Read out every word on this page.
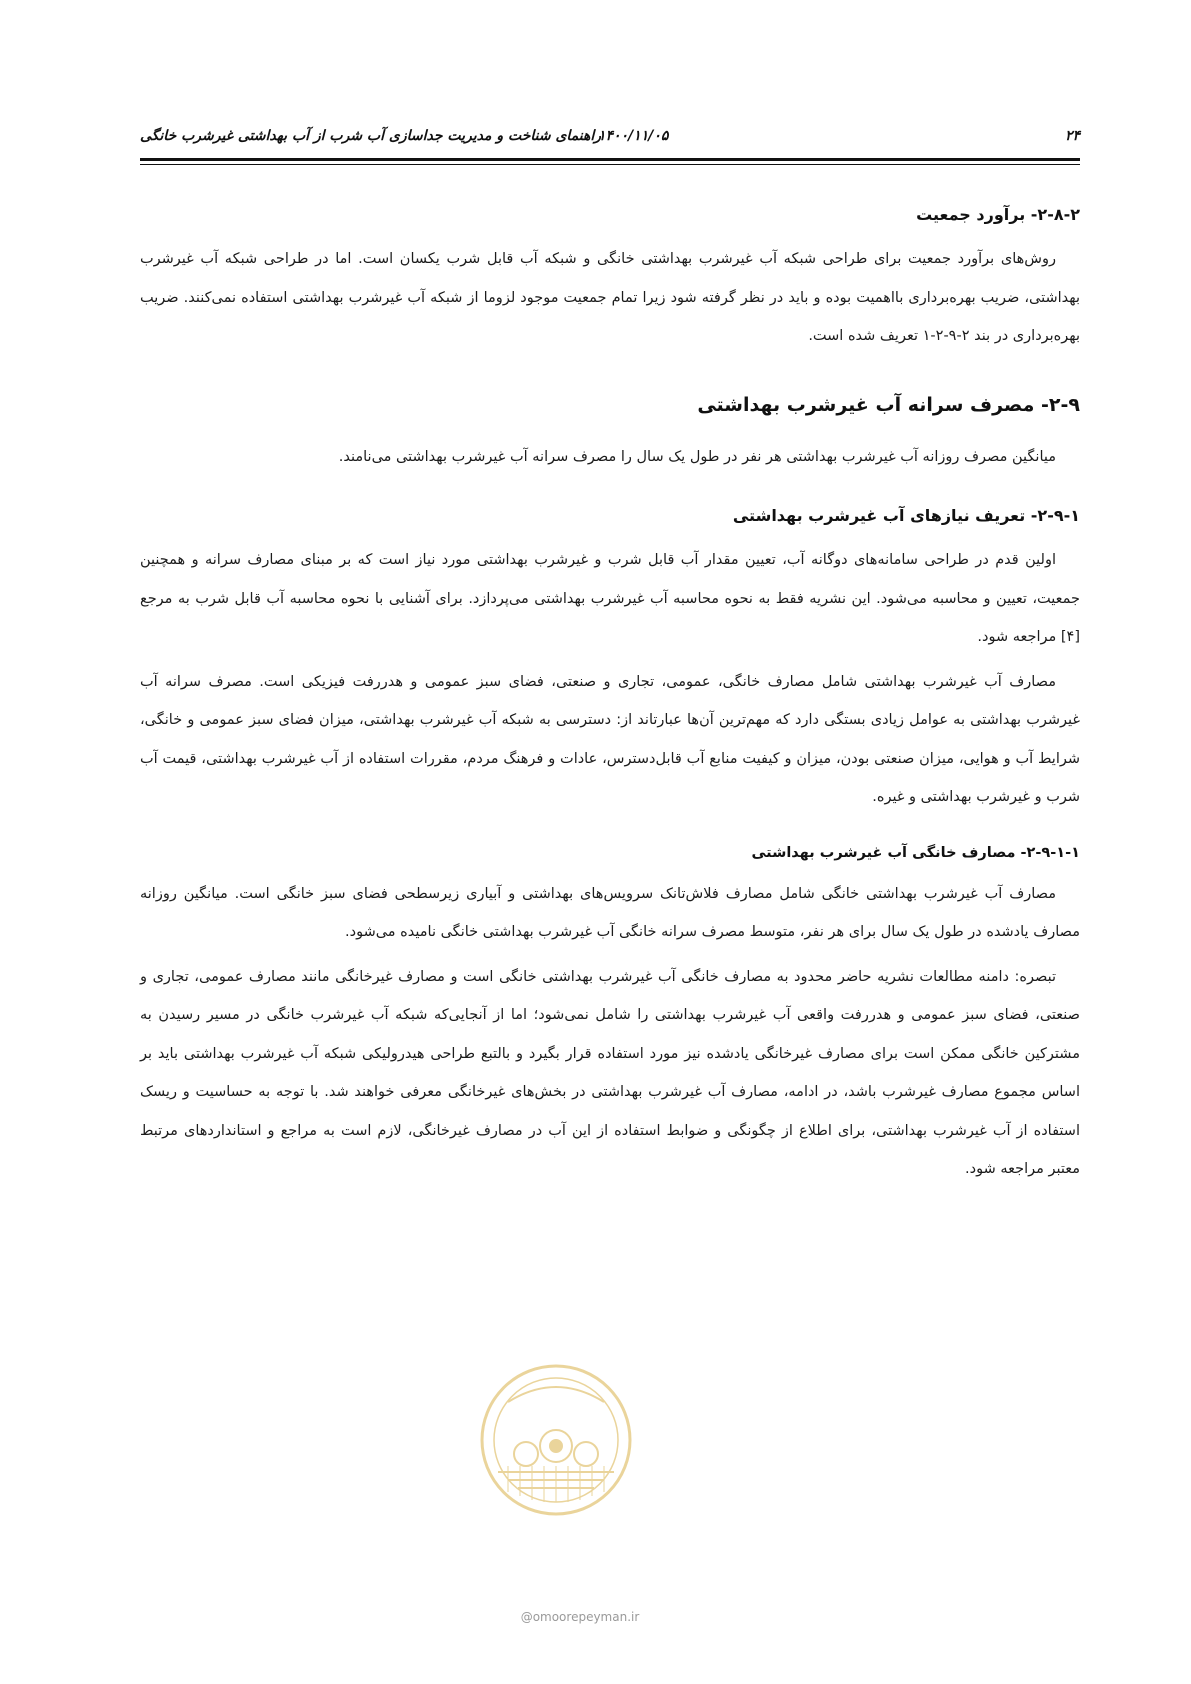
۲۴
۱۴۰۰/۱۱/۰۵
راهنمای شناخت و مدیریت جداسازی آب شرب از آب بهداشتی غیرشرب خانگی
۲-۸-۲- برآورد جمعیت

روش‌های برآورد جمعیت برای طراحی شبکه آب غیرشرب بهداشتی خانگی و شبکه آب قابل شرب یکسان است. اما در طراحی شبکه آب غیرشرب بهداشتی، ضریب بهره‌برداری بااهمیت بوده و باید در نظر گرفته شود زیرا تمام جمعیت موجود لزوما از شبکه آب غیرشرب بهداشتی استفاده نمی‌کنند. ضریب بهره‌برداری در بند ۲-۹-۲-۱ تعریف شده است.

۲-۹- مصرف سرانه آب غیرشرب بهداشتی

میانگین مصرف روزانه آب غیرشرب بهداشتی هر نفر در طول یک سال را مصرف سرانه آب غیرشرب بهداشتی می‌نامند.

۲-۹-۱- تعریف نیازهای آب غیرشرب بهداشتی

اولین قدم در طراحی سامانه‌های دوگانه آب، تعیین مقدار آب قابل شرب و غیرشرب بهداشتی مورد نیاز است که بر مبنای مصارف سرانه و همچنین جمعیت، تعیین و محاسبه می‌شود. این نشریه فقط به نحوه محاسبه آب غیرشرب بهداشتی می‌پردازد. برای آشنایی با نحوه محاسبه آب قابل شرب به مرجع [۴] مراجعه شود.

مصارف آب غیرشرب بهداشتی شامل مصارف خانگی، عمومی، تجاری و صنعتی، فضای سبز عمومی و هدررفت فیزیکی است. مصرف سرانه آب غیرشرب بهداشتی به عوامل زیادی بستگی دارد که مهم‌ترین آن‌ها عبارتاند از: دسترسی به شبکه آب غیرشرب بهداشتی، میزان فضای سبز عمومی و خانگی، شرایط آب و هوایی، میزان صنعتی بودن، میزان و کیفیت منابع آب قابل‌دسترس، عادات و فرهنگ مردم، مقررات استفاده از آب غیرشرب بهداشتی، قیمت آب شرب و غیرشرب بهداشتی و غیره.

۲-۹-۱-۱- مصارف خانگی آب غیرشرب بهداشتی

مصارف آب غیرشرب بهداشتی خانگی شامل مصارف فلاش‌تانک سرویس‌های بهداشتی و آبیاری زیرسطحی فضای سبز خانگی است. میانگین روزانه مصارف یادشده در طول یک سال برای هر نفر، متوسط مصرف سرانه خانگی آب غیرشرب بهداشتی خانگی نامیده می‌شود.

تبصره: دامنه مطالعات نشریه حاضر محدود به مصارف خانگی آب غیرشرب بهداشتی خانگی است و مصارف غیرخانگی مانند مصارف عمومی، تجاری و صنعتی، فضای سبز عمومی و هدررفت واقعی آب غیرشرب بهداشتی را شامل نمی‌شود؛ اما از آنجایی‌که شبکه آب غیرشرب خانگی در مسیر رسیدن به مشترکین خانگی ممکن است برای مصارف غیرخانگی یادشده نیز مورد استفاده قرار بگیرد و بالتبع طراحی هیدرولیکی شبکه آب غیرشرب بهداشتی باید بر اساس مجموع مصارف غیرشرب باشد، در ادامه، مصارف آب غیرشرب بهداشتی در بخش‌های غیرخانگی معرفی خواهند شد. با توجه به حساسیت و ریسک استفاده از آب غیرشرب بهداشتی، برای اطلاع از چگونگی و ضوابط استفاده از این آب در مصارف غیرخانگی، لازم است به مراجع و استانداردهای مرتبط معتبر مراجعه شود.

@omoorepeyman.ir
